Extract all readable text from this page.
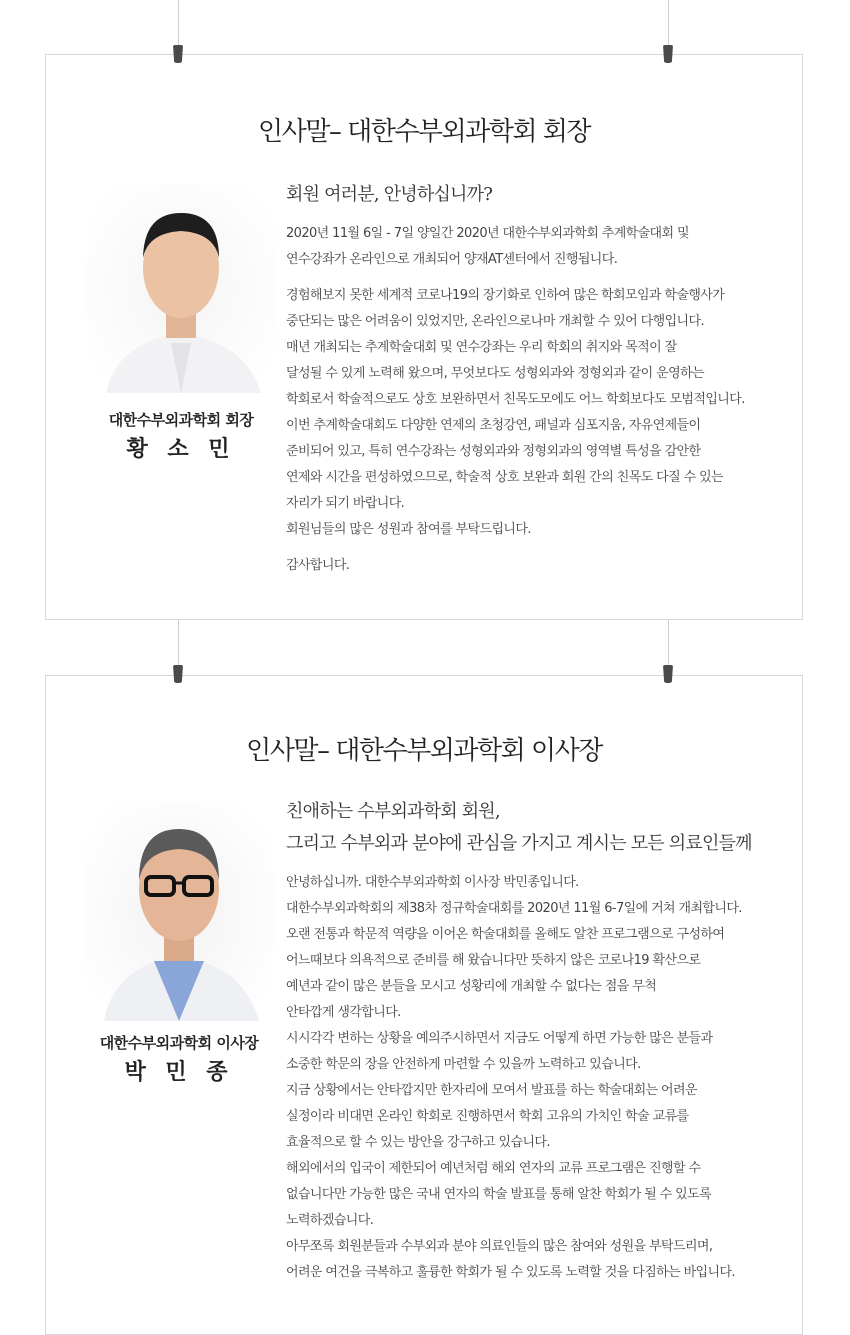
인사말– 대한수부외과학회 회장
대한수부외과학회 회장
황 소 민
회원 여러분, 안녕하십니까?
2020년 11월 6일 - 7일 양일간 2020년 대한수부외과학회 추계학술대회 및
연수강좌가 온라인으로 개최되어 양재AT센터에서 진행됩니다.
경험해보지 못한 세계적 코로나19의 장기화로 인하여 많은 학회모임과 학술행사가
중단되는 많은 어려움이 있었지만, 온라인으로나마 개최할 수 있어 다행입니다.
매년 개최되는 추계학술대회 및 연수강좌는 우리 학회의 취지와 목적이 잘
달성될 수 있게 노력해 왔으며, 무엇보다도 성형외과와 정형외과 같이 운영하는
학회로서 학술적으로도 상호 보완하면서 친목도모에도 어느 학회보다도 모범적입니다.
이번 추계학술대회도 다양한 연제의 초청강연, 패널과 심포지움, 자유연제들이
준비되어 있고, 특히 연수강좌는 성형외과와 정형외과의 영역별 특성을 감안한
연제와 시간을 편성하였으므로, 학술적 상호 보완과 회원 간의 친목도 다질 수 있는
자리가 되기 바랍니다.
회원님들의 많은 성원과 참여를 부탁드립니다.
감사합니다.
인사말– 대한수부외과학회 이사장
대한수부외과학회 이사장
박 민 종
친애하는 수부외과학회 회원,
그리고 수부외과 분야에 관심을 가지고 계시는 모든 의료인들께
안녕하십니까. 대한수부외과학회 이사장 박민종입니다.
대한수부외과학회의 제38차 정규학술대회를 2020년 11월 6-7일에 거쳐 개최합니다.
오랜 전통과 학문적 역량을 이어온 학술대회를 올해도 알찬 프로그램으로 구성하여
어느때보다 의욕적으로 준비를 해 왔습니다만 뜻하지 않은 코로나19 확산으로
예년과 같이 많은 분들을 모시고 성황리에 개최할 수 없다는 점을 무척
안타깝게 생각합니다.
시시각각 변하는 상황을 예의주시하면서 지금도 어떻게 하면 가능한 많은 분들과
소중한 학문의 장을 안전하게 마련할 수 있을까 노력하고 있습니다.
지금 상황에서는 안타깝지만 한자리에 모여서 발표를 하는 학술대회는 어려운
실정이라 비대면 온라인 학회로 진행하면서 학회 고유의 가치인 학술 교류를
효율적으로 할 수 있는 방안을 강구하고 있습니다.
해외에서의 입국이 제한되어 예년처럼 해외 연자의 교류 프로그램은 진행할 수
없습니다만 가능한 많은 국내 연자의 학술 발표를 통해 알찬 학회가 될 수 있도록
노력하겠습니다.
아무쪼록 회원분들과 수부외과 분야 의료인들의 많은 참여와 성원을 부탁드리며,
어려운 여건을 극복하고 훌륭한 학회가 될 수 있도록 노력할 것을 다짐하는 바입니다.
